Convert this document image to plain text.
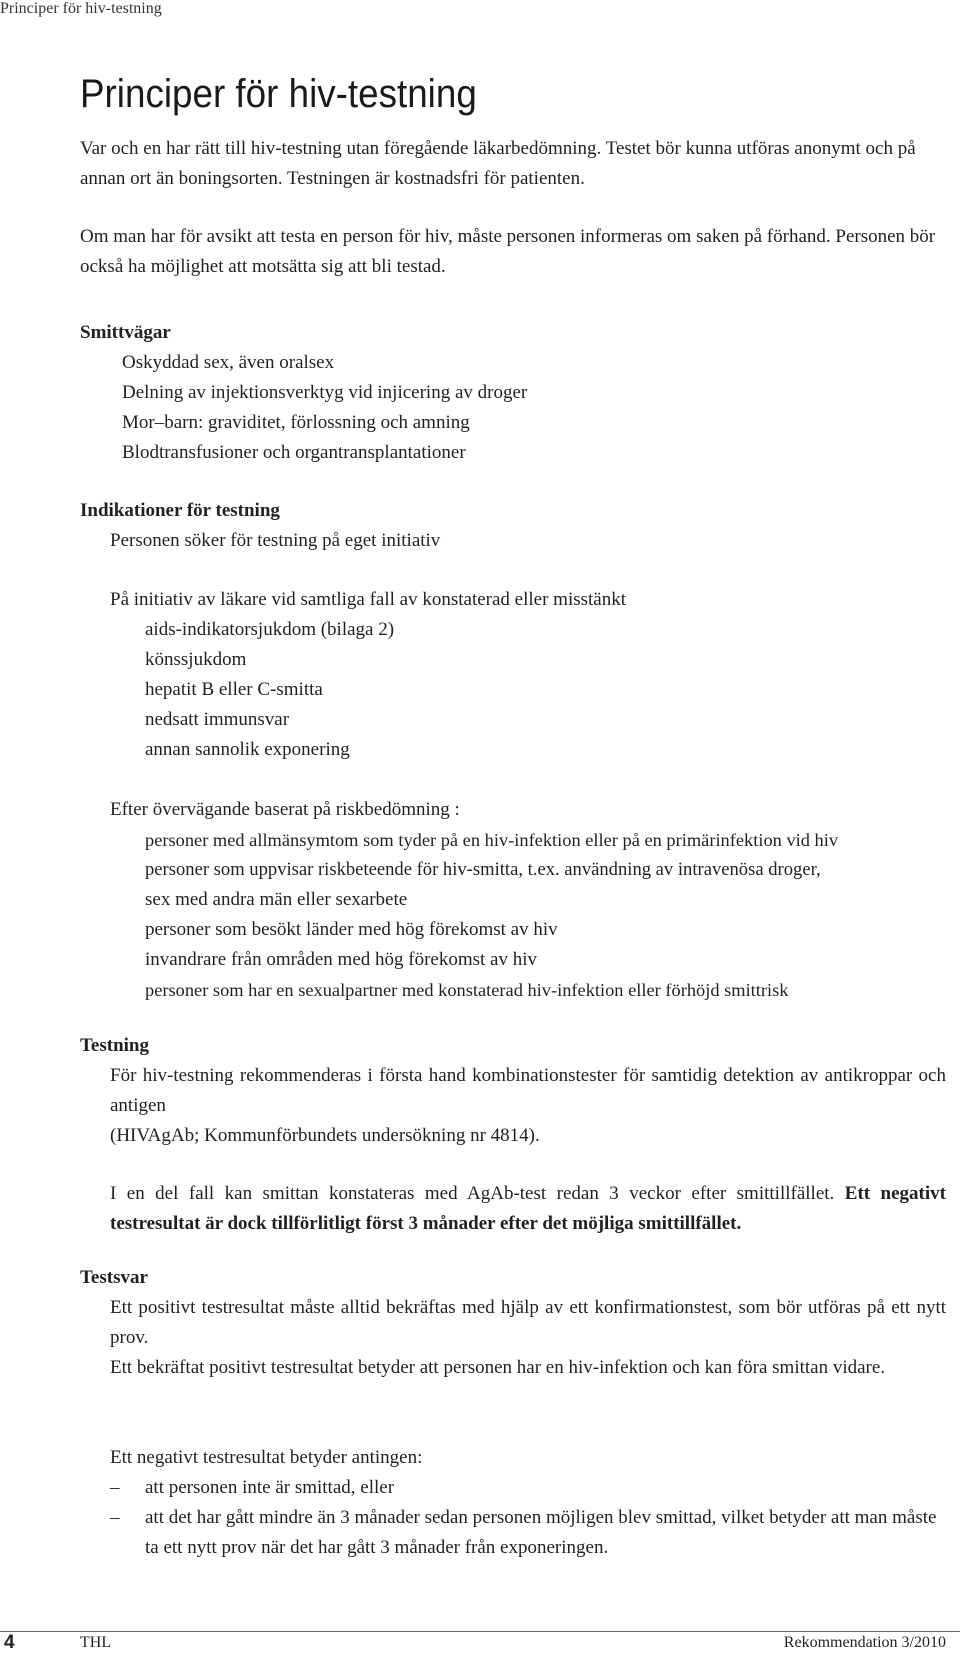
Principer för hiv-testning
Principer för hiv-testning

Var och en har rätt till hiv-testning utan föregående läkarbedömning. Testet bör kunna utföras anonymt och på annan ort än boningsorten. Testningen är kostnadsfri för patienten.

Om man har för avsikt att testa en person för hiv, måste personen informeras om saken på förhand. Personen bör också ha möjlighet att motsätta sig att bli testad.

Smittvägar

Oskyddad sex, även oralsex

Delning av injektionsverktyg vid injicering av droger

Mor–barn: graviditet, förlossning och amning

Blodtransfusioner och organtransplantationer

Indikationer för testning

Personen söker för testning på eget initiativ

På initiativ av läkare vid samtliga fall av konstaterad eller misstänkt

aids-indikatorsjukdom (bilaga 2)

könssjukdom

hepatit B eller C-smitta

nedsatt immunsvar

annan sannolik exponering

Efter övervägande baserat på riskbedömning :

personer med allmänsymtom som tyder på en hiv-infektion eller på en primärinfektion vid hiv

personer som uppvisar riskbeteende för hiv-smitta, t.ex. användning av intravenösa droger,

sex med andra män eller sexarbete

personer som besökt länder med hög förekomst av hiv

invandrare från områden med hög förekomst av hiv

personer som har en sexualpartner med konstaterad hiv-infektion eller förhöjd smittrisk

Testning

För hiv-testning rekommenderas i första hand kombinationstester för samtidig detektion av antikroppar och antigen

(HIVAgAb; Kommunförbundets undersökning nr 4814).

I en del fall kan smittan konstateras med AgAb-test redan 3 veckor efter smittillfället. Ett negativt testresultat är dock tillförlitligt först 3 månader efter det möjliga smittillfället.

Testsvar

Ett positivt testresultat måste alltid bekräftas med hjälp av ett konfirmationstest, som bör utföras på ett nytt prov.

Ett bekräftat positivt testresultat betyder att personen har en hiv-infektion och kan föra smittan vidare.

Ett negativt testresultat betyder antingen:

– att personen inte är smittad, eller

– att det har gått mindre än 3 månader sedan personen möjligen blev smittad, vilket betyder att man måste ta ett nytt prov när det har gått 3 månader från exponeringen.

4	THL	Rekommendation 3/2010
